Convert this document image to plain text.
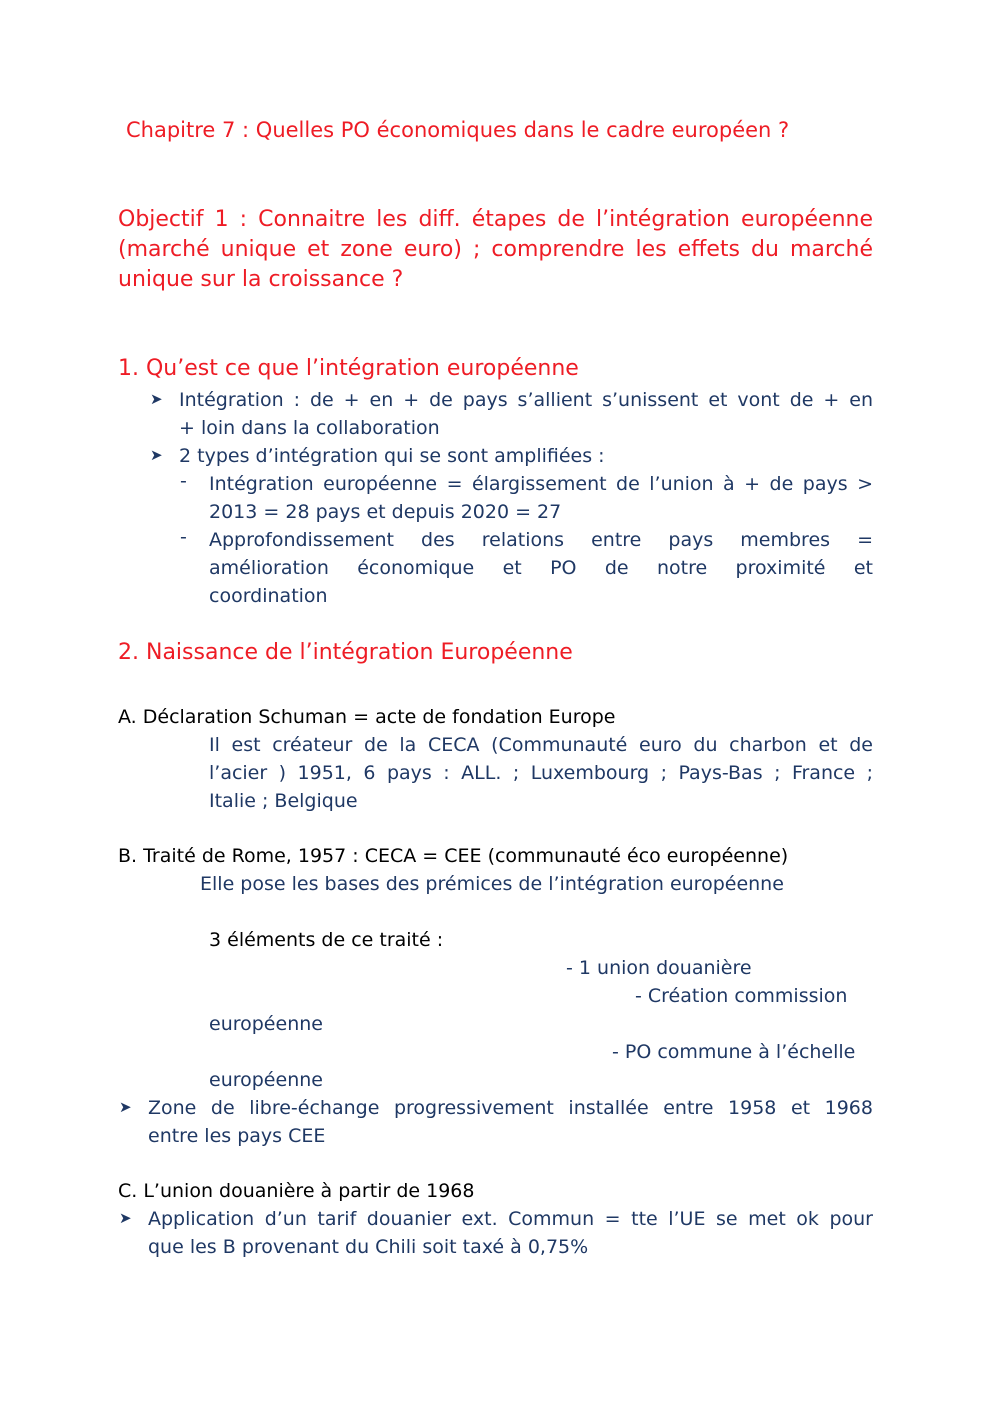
Chapitre 7 : Quelles PO économiques dans le cadre européen ?
Objectif 1 : Connaitre les diff. étapes de l’intégration européenne (marché unique et zone euro) ; comprendre les effets du marché unique sur la croissance ?
1. Qu’est ce que l’intégration européenne
➤ Intégration : de + en + de pays s’allient s’unissent et vont de + en
+ loin dans la collaboration
➤ 2 types d’intégration qui se sont amplifiées :
- Intégration européenne = élargissement de l’union à + de pays >
2013 = 28 pays et depuis 2020 = 27
- Approfondissement des relations entre pays membres =
amélioration économique et PO de notre proximité et
coordination
2. Naissance de l’intégration Européenne
A. Déclaration Schuman = acte de fondation Europe
Il est créateur de la CECA (Communauté euro du charbon et de
l’acier ) 1951, 6 pays : ALL. ; Luxembourg ; Pays-Bas ; France ;
Italie ; Belgique
B. Traité de Rome, 1957 : CECA = CEE (communauté éco européenne)
Elle pose les bases des prémices de l’intégration européenne
3 éléments de ce traité :
- 1 union douanière
- Création commission
européenne
- PO commune à l’échelle
européenne
➤ Zone de libre-échange progressivement installée entre 1958 et 1968
entre les pays CEE
C. L’union douanière à partir de 1968
➤ Application d’un tarif douanier ext. Commun = tte l’UE se met ok pour
que les B provenant du Chili soit taxé à 0,75%
